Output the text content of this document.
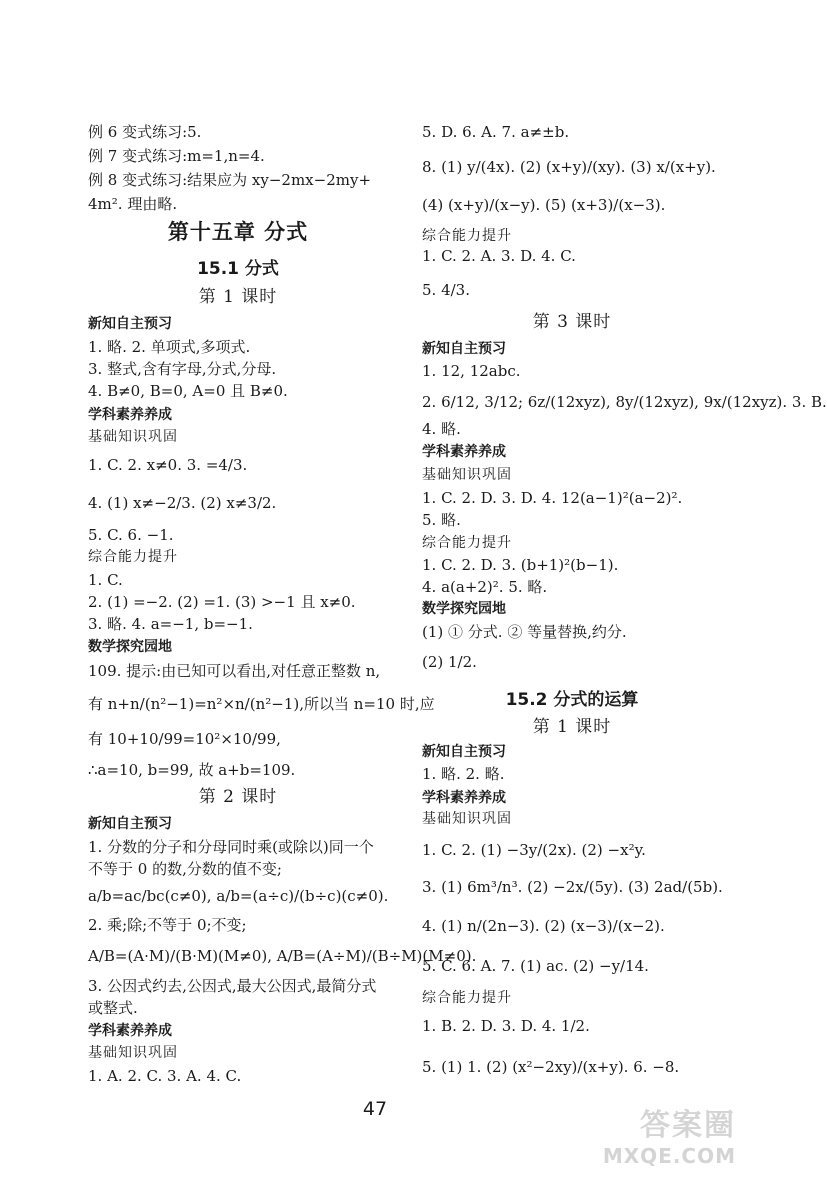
例 6 变式练习:5.
例 7 变式练习:m=1,n=4.
例 8 变式练习:结果应为 xy−2mx−2my+
4m². 理由略.
第十五章 分式
15.1 分式
第 1 课时
新知自主预习
1. 略. 2. 单项式,多项式.
3. 整式,含有字母,分式,分母.
4. B≠0, B=0, A=0 且 B≠0.
学科素养养成
基础知识巩固
1. C. 2. x≠0. 3. =4/3.
4. (1) x≠−2/3. (2) x≠3/2.
5. C. 6. −1.
综合能力提升
1. C.
2. (1) =−2. (2) =1. (3) >−1 且 x≠0.
3. 略. 4. a=−1, b=−1.
数学探究园地
109. 提示:由已知可以看出,对任意正整数 n,
有 n+n/(n²−1)=n²×n/(n²−1),所以当 n=10 时,应
有 10+10/99=10²×10/99,
∴a=10, b=99, 故 a+b=109.
第 2 课时
新知自主预习
1. 分数的分子和分母同时乘(或除以)同一个
不等于 0 的数,分数的值不变;
a/b=ac/bc(c≠0), a/b=(a÷c)/(b÷c)(c≠0).
2. 乘;除;不等于 0;不变;
A/B=(A·M)/(B·M)(M≠0), A/B=(A÷M)/(B÷M)(M≠0).
3. 公因式约去,公因式,最大公因式,最简分式
或整式.
学科素养养成
基础知识巩固
1. A. 2. C. 3. A. 4. C.
5. D. 6. A. 7. a≠±b.
8. (1) y/(4x). (2) (x+y)/(xy). (3) x/(x+y).
(4) (x+y)/(x−y). (5) (x+3)/(x−3).
综合能力提升
1. C. 2. A. 3. D. 4. C.
5. 4/3.
第 3 课时
新知自主预习
1. 12, 12abc.
2. 6/12, 3/12; 6z/(12xyz), 8y/(12xyz), 9x/(12xyz). 3. B.
4. 略.
学科素养养成
基础知识巩固
1. C. 2. D. 3. D. 4. 12(a−1)²(a−2)².
5. 略.
综合能力提升
1. C. 2. D. 3. (b+1)²(b−1).
4. a(a+2)². 5. 略.
数学探究园地
(1) ① 分式. ② 等量替换,约分.
(2) 1/2.
15.2 分式的运算
第 1 课时
新知自主预习
1. 略. 2. 略.
学科素养养成
基础知识巩固
1. C. 2. (1) −3y/(2x). (2) −x²y.
3. (1) 6m³/n³. (2) −2x/(5y). (3) 2ad/(5b).
4. (1) n/(2n−3). (2) (x−3)/(x−2).
5. C. 6. A. 7. (1) ac. (2) −y/14.
综合能力提升
1. B. 2. D. 3. D. 4. 1/2.
5. (1) 1. (2) (x²−2xy)/(x+y). 6. −8.
47	答案圈
MXQE.COM
